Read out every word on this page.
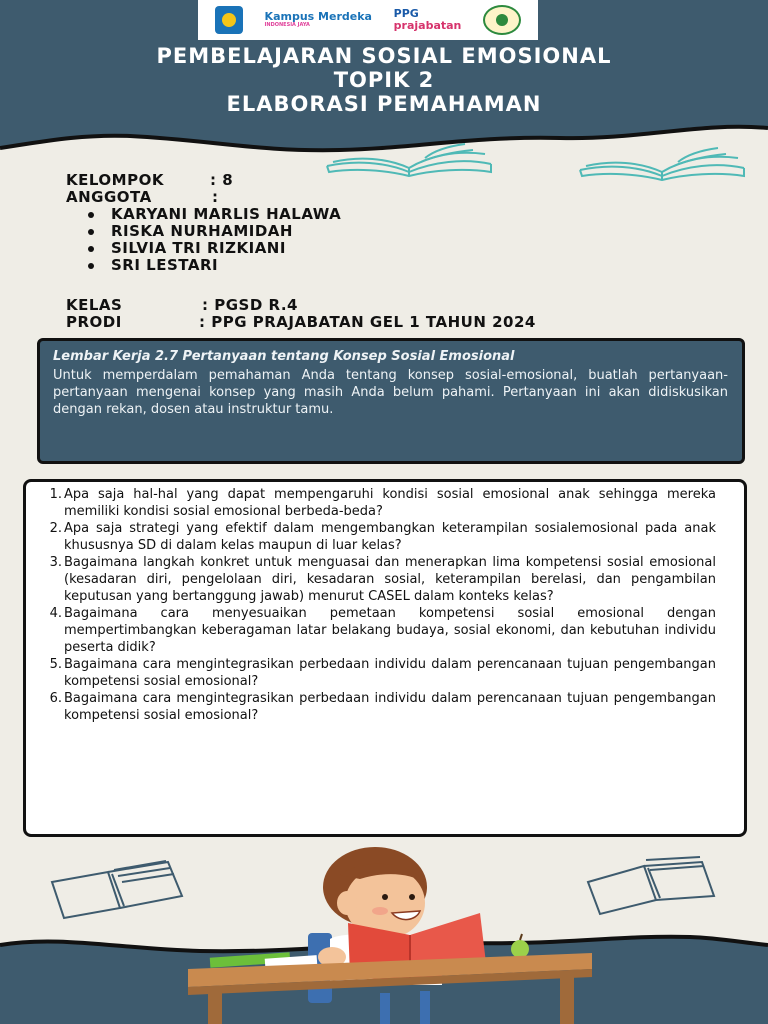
Kampus Merdeka
INDONESIA JAYA
PPG
prajabatan
PEMBELAJARAN SOSIAL EMOSIONAL
TOPIK 2
ELABORASI PEMAHAMAN
KELOMPOK	: 8
ANGGOTA	:
KARYANI MARLIS HALAWA
RISKA NURHAMIDAH
SILVIA TRI RIZKIANI
SRI LESTARI
KELAS	: PGSD R.4
PRODI	: PPG PRAJABATAN GEL 1 TAHUN 2024
Lembar Kerja 2.7 Pertanyaan tentang Konsep Sosial Emosional
Untuk memperdalam pemahaman Anda tentang konsep sosial-emosional, buatlah pertanyaan-pertanyaan mengenai konsep yang masih Anda belum pahami. Pertanyaan ini akan didiskusikan dengan rekan, dosen atau instruktur tamu.
1. Apa saja hal-hal yang dapat mempengaruhi kondisi sosial emosional anak sehingga mereka memiliki kondisi sosial emosional berbeda-beda?
2. Apa saja strategi yang efektif dalam mengembangkan keterampilan sosialemosional pada anak khususnya SD di dalam kelas maupun di luar kelas?
3. Bagaimana langkah konkret untuk menguasai dan menerapkan lima kompetensi sosial emosional (kesadaran diri, pengelolaan diri, kesadaran sosial, keterampilan berelasi, dan pengambilan keputusan yang bertanggung jawab) menurut CASEL dalam konteks kelas?
4. Bagaimana cara menyesuaikan pemetaan kompetensi sosial emosional dengan mempertimbangkan keberagaman latar belakang budaya, sosial ekonomi, dan kebutuhan individu peserta didik?
5. Bagaimana cara mengintegrasikan perbedaan individu dalam perencanaan tujuan pengembangan kompetensi sosial emosional?
6. Bagaimana cara mengintegrasikan perbedaan individu dalam perencanaan tujuan pengembangan kompetensi sosial emosional?
